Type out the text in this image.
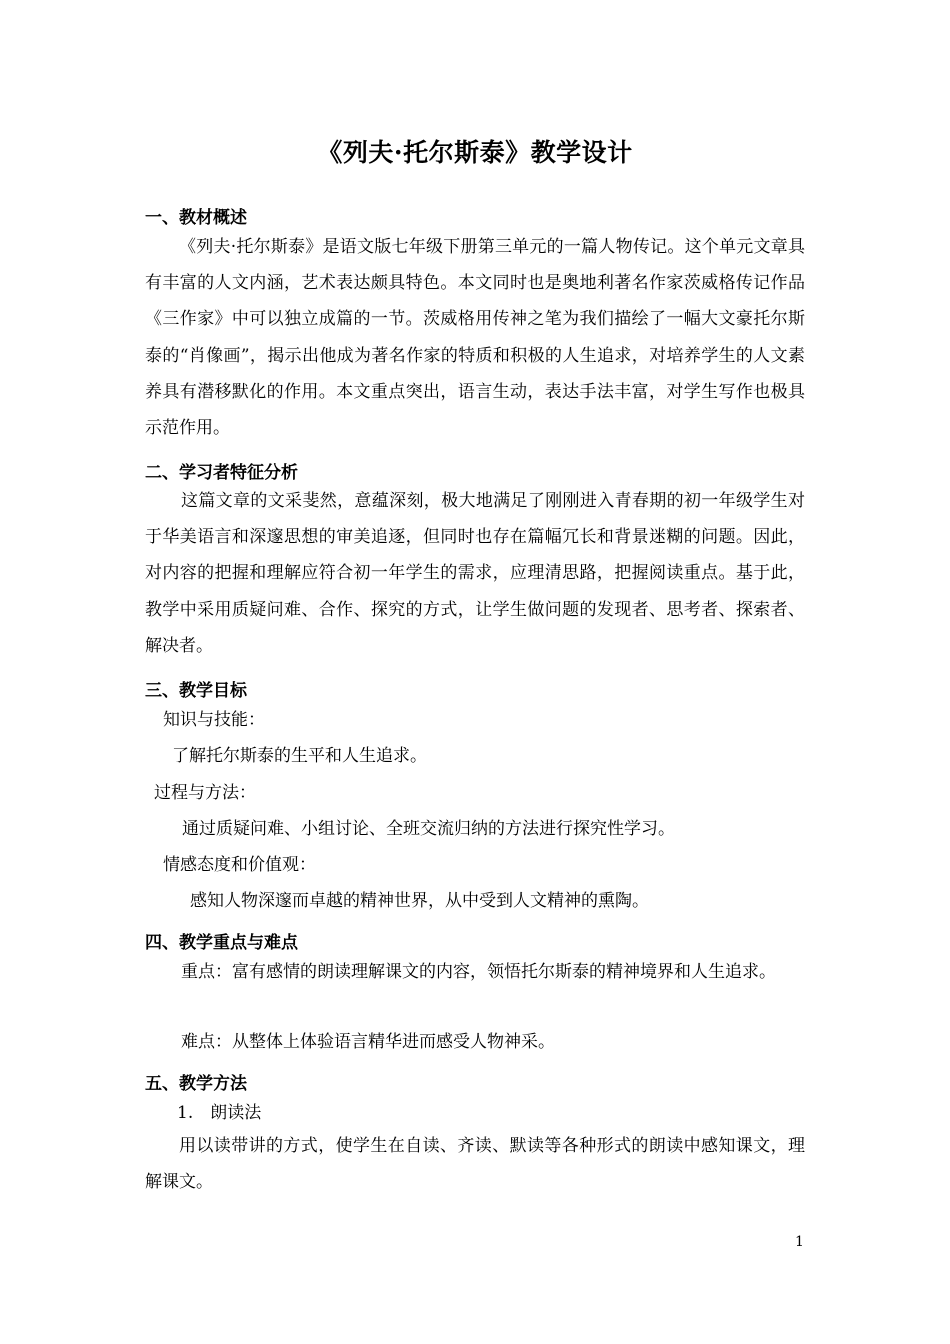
《列夫·托尔斯泰》教学设计
一、教材概述
《列夫·托尔斯泰》是语文版七年级下册第三单元的一篇人物传记。这个单元文章具有丰富的人文内涵，艺术表达颇具特色。本文同时也是奥地利著名作家茨威格传记作品《三作家》中可以独立成篇的一节。茨威格用传神之笔为我们描绘了一幅大文豪托尔斯泰的“肖像画”，揭示出他成为著名作家的特质和积极的人生追求，对培养学生的人文素养具有潜移默化的作用。本文重点突出，语言生动，表达手法丰富，对学生写作也极具示范作用。
二、学习者特征分析
这篇文章的文采斐然，意蕴深刻，极大地满足了刚刚进入青春期的初一年级学生对于华美语言和深邃思想的审美追逐，但同时也存在篇幅冗长和背景迷糊的问题。因此，对内容的把握和理解应符合初一年学生的需求，应理清思路，把握阅读重点。基于此，教学中采用质疑问难、合作、探究的方式，让学生做问题的发现者、思考者、探索者、解决者。
三、教学目标
知识与技能：
了解托尔斯泰的生平和人生追求。
过程与方法：
通过质疑问难、小组讨论、全班交流归纳的方法进行探究性学习。
情感态度和价值观：
感知人物深邃而卓越的精神世界，从中受到人文精神的熏陶。
四、教学重点与难点
重点：富有感情的朗读理解课文的内容，领悟托尔斯泰的精神境界和人生追求。
难点：从整体上体验语言精华进而感受人物神采。
五、教学方法
1.　朗读法
用以读带讲的方式，使学生在自读、齐读、默读等各种形式的朗读中感知课文，理解课文。
1
